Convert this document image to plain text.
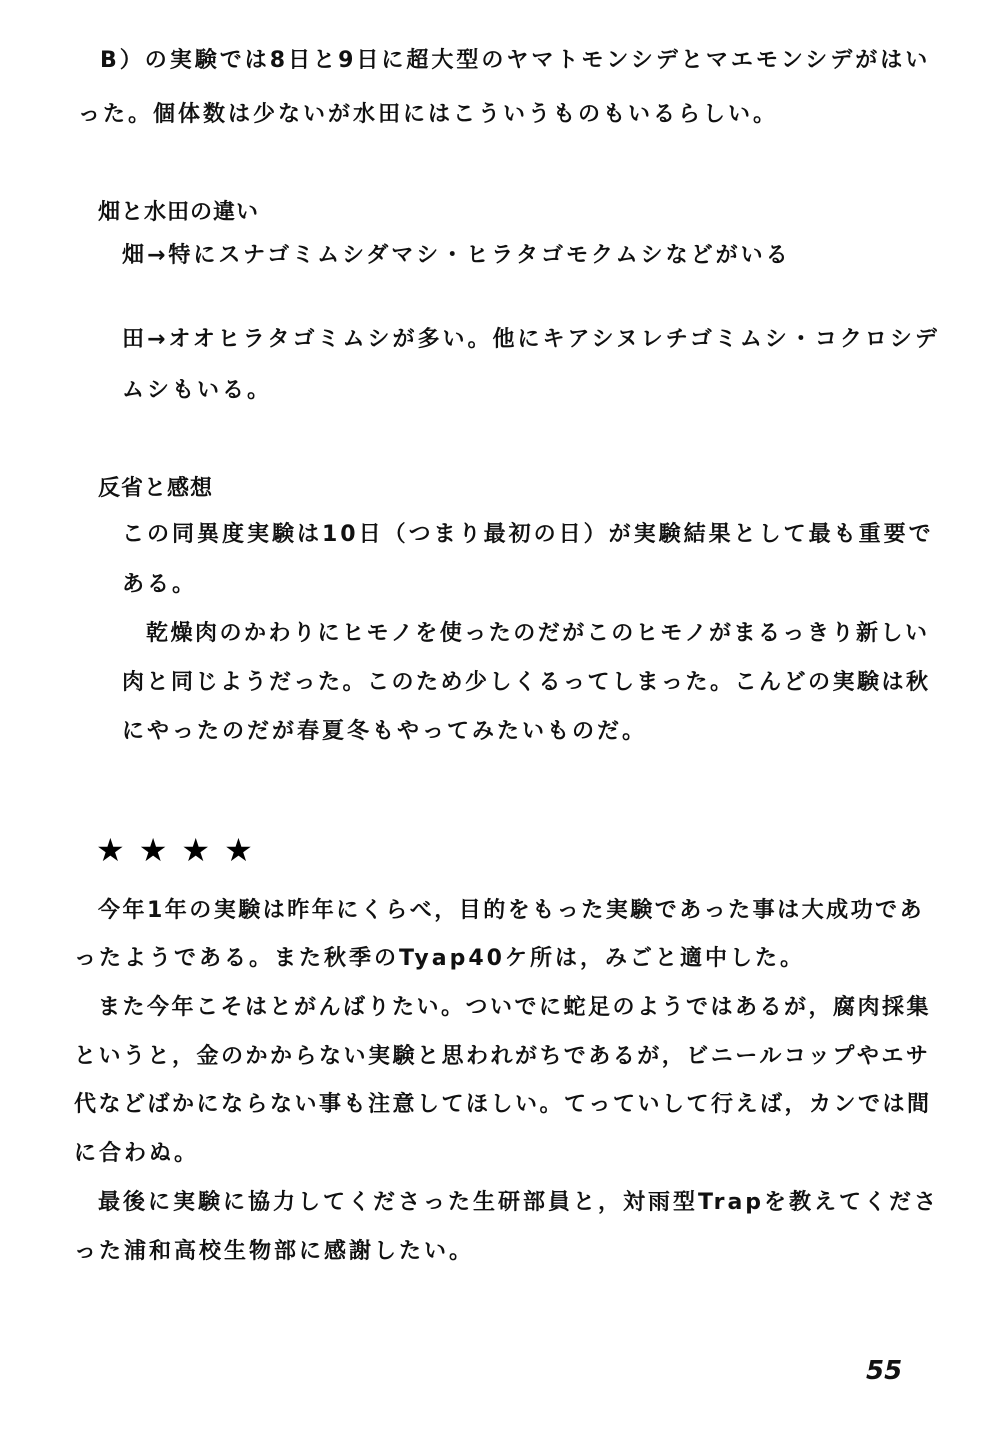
B）の実験では8日と9日に超大型のヤマトモンシデとマエモンシデがはい
った。個体数は少ないが水田にはこういうものもいるらしい。
畑と水田の違い
畑→特にスナゴミムシダマシ・ヒラタゴモクムシなどがいる
田→オオヒラタゴミムシが多い。他にキアシヌレチゴミムシ・コクロシデ
ムシもいる。
反省と感想
この同異度実験は10日（つまり最初の日）が実験結果として最も重要で
ある。
乾燥肉のかわりにヒモノを使ったのだがこのヒモノがまるっきり新しい
肉と同じようだった。このため少しくるってしまった。こんどの実験は秋
にやったのだが春夏冬もやってみたいものだ。
★★★★
今年1年の実験は昨年にくらべ，目的をもった実験であった事は大成功であ
ったようである。また秋季のTyap40ケ所は，みごと適中した。
また今年こそはとがんばりたい。ついでに蛇足のようではあるが，腐肉採集
というと，金のかからない実験と思われがちであるが，ビニールコップやエサ
代などばかにならない事も注意してほしい。てっていして行えば，カンでは間
に合わぬ。
最後に実験に協力してくださった生研部員と，対雨型Trapを教えてくださ
った浦和高校生物部に感謝したい。
55
